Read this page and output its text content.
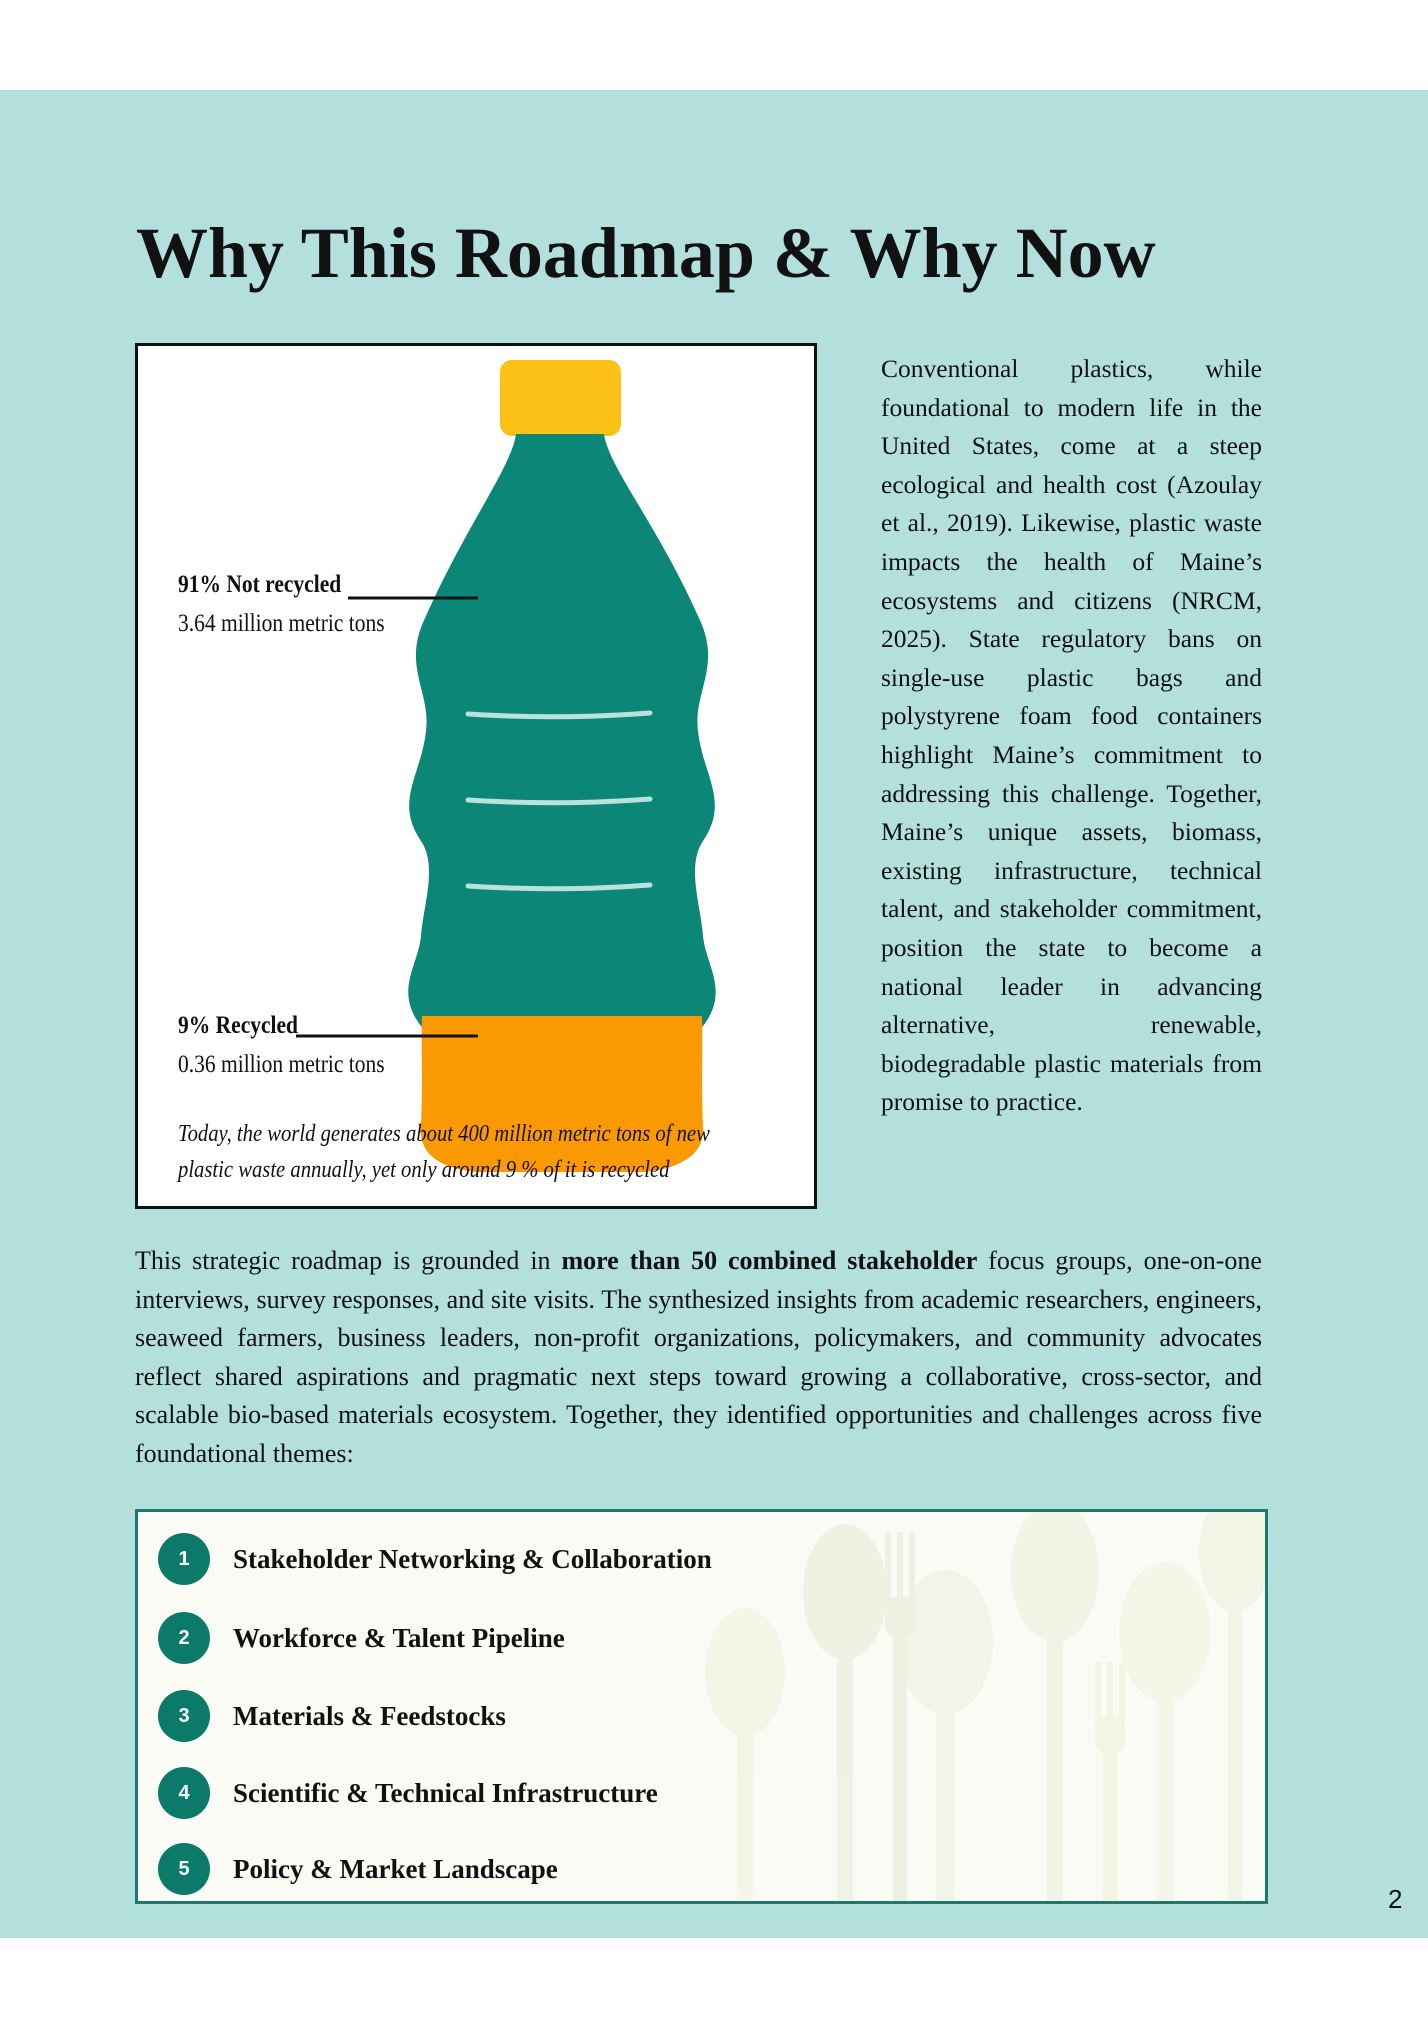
Why This Roadmap & Why Now
91% Not recycled
3.64 million metric tons
9% Recycled
0.36 million metric tons
Today, the world generates about 400 million metric tons of new plastic waste annually, yet only around 9 % of it is recycled

Conventional plastics, while foundational to modern life in the United States, come at a steep ecological and health cost (Azoulay et al., 2019). Likewise, plastic waste impacts the health of Maine’s ecosystems and citizens (NRCM, 2025). State regulatory bans on single-use plastic bags and polystyrene foam food containers highlight Maine’s commitment to addressing this challenge. Together, Maine’s unique assets, biomass, existing infrastructure, technical talent, and stakeholder commitment, position the state to become a national leader in advancing alternative, renewable, biodegradable plastic materials from promise to practice.

This strategic roadmap is grounded in more than 50 combined stakeholder focus groups, one-on-one interviews, survey responses, and site visits. The synthesized insights from academic researchers, engineers, seaweed farmers, business leaders, non-profit organizations, policymakers, and community advocates reflect shared aspirations and pragmatic next steps toward growing a collaborative, cross-sector, and scalable bio-based materials ecosystem. Together, they identified opportunities and challenges across five foundational themes:

1	Stakeholder Networking & Collaboration
2	Workforce & Talent Pipeline
3	Materials & Feedstocks
4	Scientific & Technical Infrastructure
5	Policy & Market Landscape
2
